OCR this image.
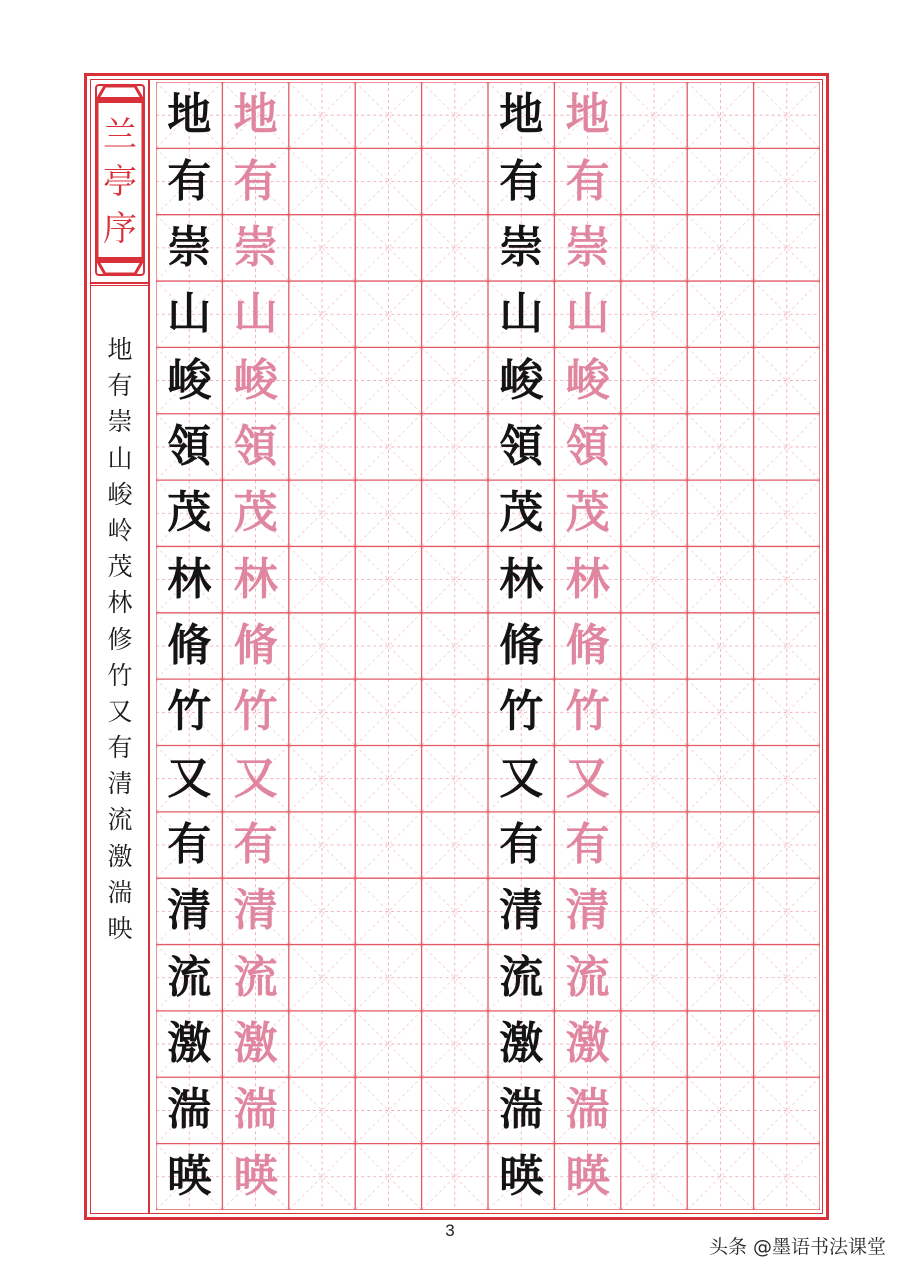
兰
亭
序
地
有
崇
山
峻
岭
茂
林
修
竹
又
有
清
流
激
湍
映
地
有
崇
山
峻
領
茂
林
脩
竹
又
有
清
流
激
湍
暎
地
有
崇
山
峻
領
茂
林
脩
竹
又
有
清
流
激
湍
暎
地
有
崇
山
峻
領
茂
林
脩
竹
又
有
清
流
激
湍
暎
地
有
崇
山
峻
領
茂
林
脩
竹
又
有
清
流
激
湍
暎
3
头条 @墨语书法课堂
